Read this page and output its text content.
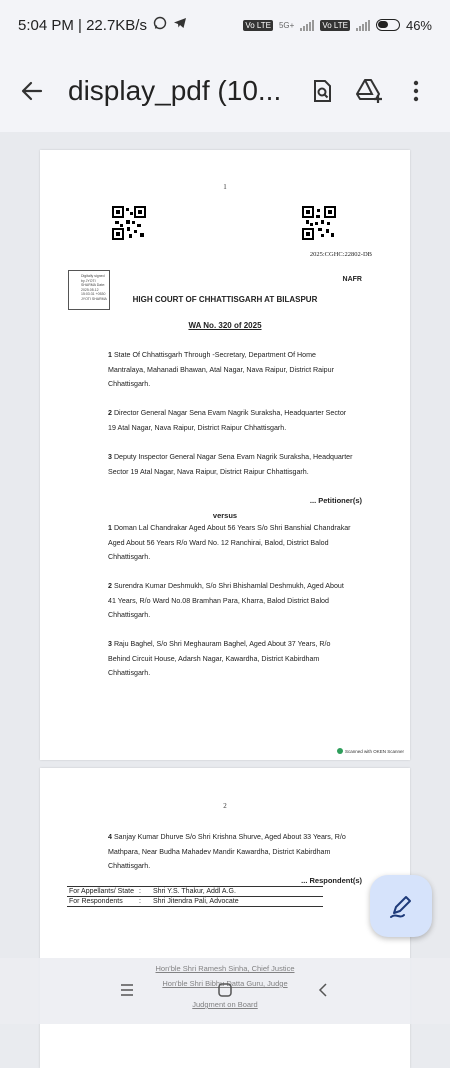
5:04 PM | 22.7KB/s	Vo LTE 5G+	Vo LTE	46%
display_pdf (10...
1
2025:CGHC:22802-DB
Digitally signed by JYOTI SHARMA Date: 2025.05.12 15:03:31 +0530 JYOTI SHARMA
NAFR
HIGH COURT OF CHHATTISGARH AT BILASPUR
WA No. 320 of 2025
1 State Of Chhattisgarh Through -Secretary, Department Of Home Mantralaya, Mahanadi Bhawan, Atal Nagar, Nava Raipur, District Raipur Chhattisgarh.
2 Director General Nagar Sena Evam Nagrik Suraksha, Headquarter Sector 19 Atal Nagar, Nava Raipur, District Raipur Chhattisgarh.
3 Deputy Inspector General Nagar Sena Evam Nagrik Suraksha, Headquarter Sector 19 Atal Nagar, Nava Raipur, District Raipur Chhattisgarh.
... Petitioner(s)
versus
1 Doman Lal Chandrakar Aged About 56 Years S/o Shri Banshial Chandrakar Aged About 56 Years R/o Ward No. 12 Ranchirai, Balod, District Balod Chhattisgarh.
2 Surendra Kumar Deshmukh, S/o Shri Bhishamlal Deshmukh, Aged About 41 Years, R/o Ward No.08 Bramhan Para, Kharra, Balod District Balod Chhattisgarh.
3 Raju Baghel, S/o Shri Meghauram Baghel, Aged About 37 Years, R/o Behind Circuit House, Adarsh Nagar, Kawardha, District Kabirdham Chhattisgarh.
Scanned with OKEN Scanner
2
4 Sanjay Kumar Dhurve S/o Shri Krishna Shurve, Aged About 33 Years, R/o Mathpara, Near Budha Mahadev Mandir Kawardha, District Kabirdham Chhattisgarh.
... Respondent(s)
For Appellants/ State	:	Shri Y.S. Thakur, Addl A.G.
For Respondents	:	Shri Jitendra Pali, Advocate
Hon'ble Shri Ramesh Sinha, Chief Justice
Hon'ble Shri Bibhu Datta Guru, Judge
Judgment on Board
